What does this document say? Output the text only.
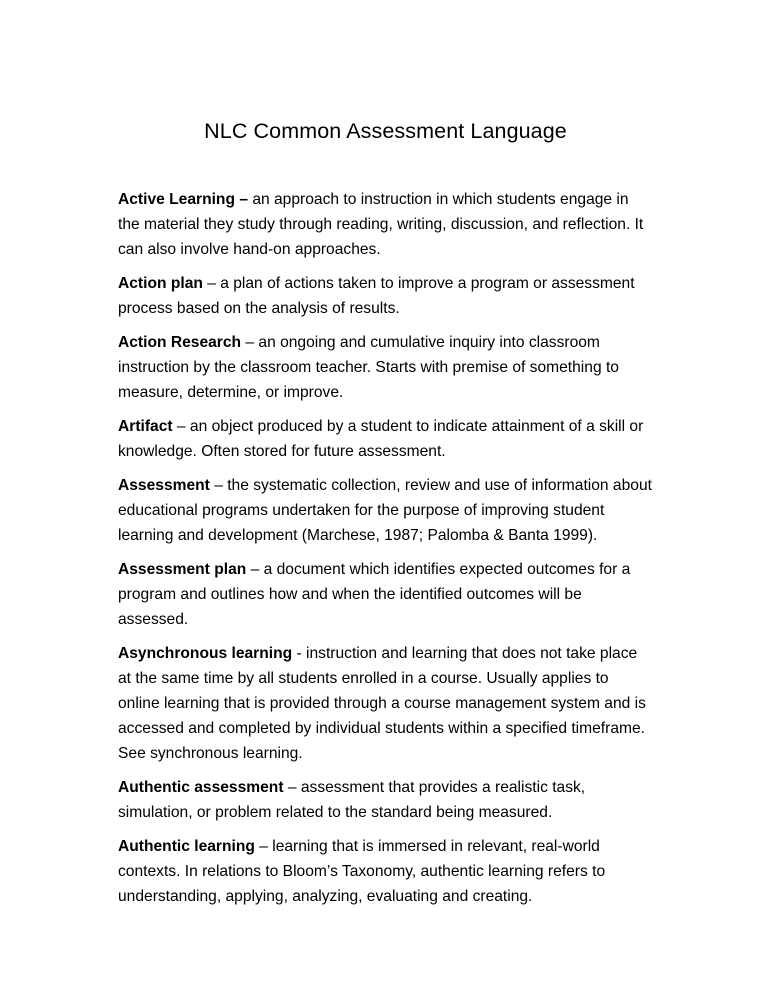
NLC Common Assessment Language

Active Learning – an approach to instruction in which students engage in the material they study through reading, writing, discussion, and reflection. It can also involve hand-on approaches.

Action plan – a plan of actions taken to improve a program or assessment process based on the analysis of results.

Action Research – an ongoing and cumulative inquiry into classroom instruction by the classroom teacher. Starts with premise of something to measure, determine, or improve.

Artifact – an object produced by a student to indicate attainment of a skill or knowledge. Often stored for future assessment.

Assessment – the systematic collection, review and use of information about educational programs undertaken for the purpose of improving student learning and development (Marchese, 1987; Palomba & Banta 1999).

Assessment plan – a document which identifies expected outcomes for a program and outlines how and when the identified outcomes will be assessed.

Asynchronous learning - instruction and learning that does not take place at the same time by all students enrolled in a course. Usually applies to online learning that is provided through a course management system and is accessed and completed by individual students within a specified timeframe. See synchronous learning.

Authentic assessment – assessment that provides a realistic task, simulation, or problem related to the standard being measured.

Authentic learning – learning that is immersed in relevant, real-world contexts. In relations to Bloom’s Taxonomy, authentic learning refers to understanding, applying, analyzing, evaluating and creating.
